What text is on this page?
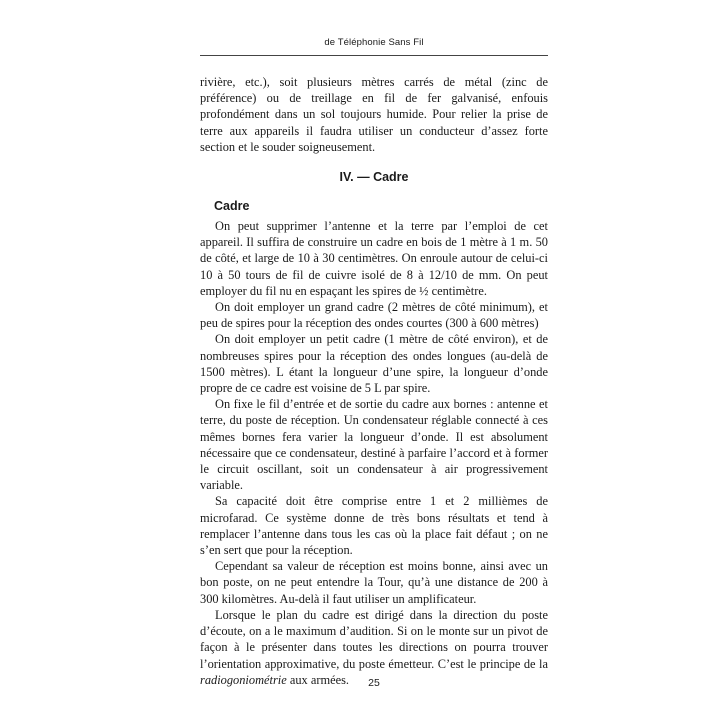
de Téléphonie Sans Fil

rivière, etc.), soit plusieurs mètres carrés de métal (zinc de préférence) ou de treillage en fil de fer galvanisé, enfouis profondément dans un sol toujours humide. Pour relier la prise de terre aux appareils il faudra utiliser un conducteur d’assez forte section et le souder soigneusement.

IV. — Cadre
Cadre

On peut supprimer l’antenne et la terre par l’emploi de cet appareil. Il suffira de construire un cadre en bois de 1 mètre à 1 m. 50 de côté, et large de 10 à 30 centimètres. On enroule autour de celui-ci 10 à 50 tours de fil de cuivre isolé de 8 à 12/10 de mm. On peut employer du fil nu en espaçant les spires de ½ centimètre.

On doit employer un grand cadre (2 mètres de côté minimum), et peu de spires pour la réception des ondes courtes (300 à 600 mètres)

On doit employer un petit cadre (1 mètre de côté environ), et de nombreuses spires pour la réception des ondes longues (au-delà de 1500 mètres). L étant la longueur d’une spire, la longueur d’onde propre de ce cadre est voisine de 5 L par spire.

On fixe le fil d’entrée et de sortie du cadre aux bornes : antenne et terre, du poste de réception. Un condensateur réglable connecté à ces mêmes bornes fera varier la longueur d’onde. Il est absolument nécessaire que ce condensateur, destiné à parfaire l’accord et à former le circuit oscillant, soit un condensateur à air progressivement variable.

Sa capacité doit être comprise entre 1 et 2 millièmes de microfarad. Ce système donne de très bons résultats et tend à remplacer l’antenne dans tous les cas où la place fait défaut ; on ne s’en sert que pour la réception.

Cependant sa valeur de réception est moins bonne, ainsi avec un bon poste, on ne peut entendre la Tour, qu’à une distance de 200 à 300 kilomètres. Au-delà il faut utiliser un amplificateur.

Lorsque le plan du cadre est dirigé dans la direction du poste d’écoute, on a le maximum d’audition. Si on le monte sur un pivot de façon à le présenter dans toutes les directions on pourra trouver l’orientation approximative, du poste émetteur. C’est le principe de la radiogoniométrie aux armées.	25
